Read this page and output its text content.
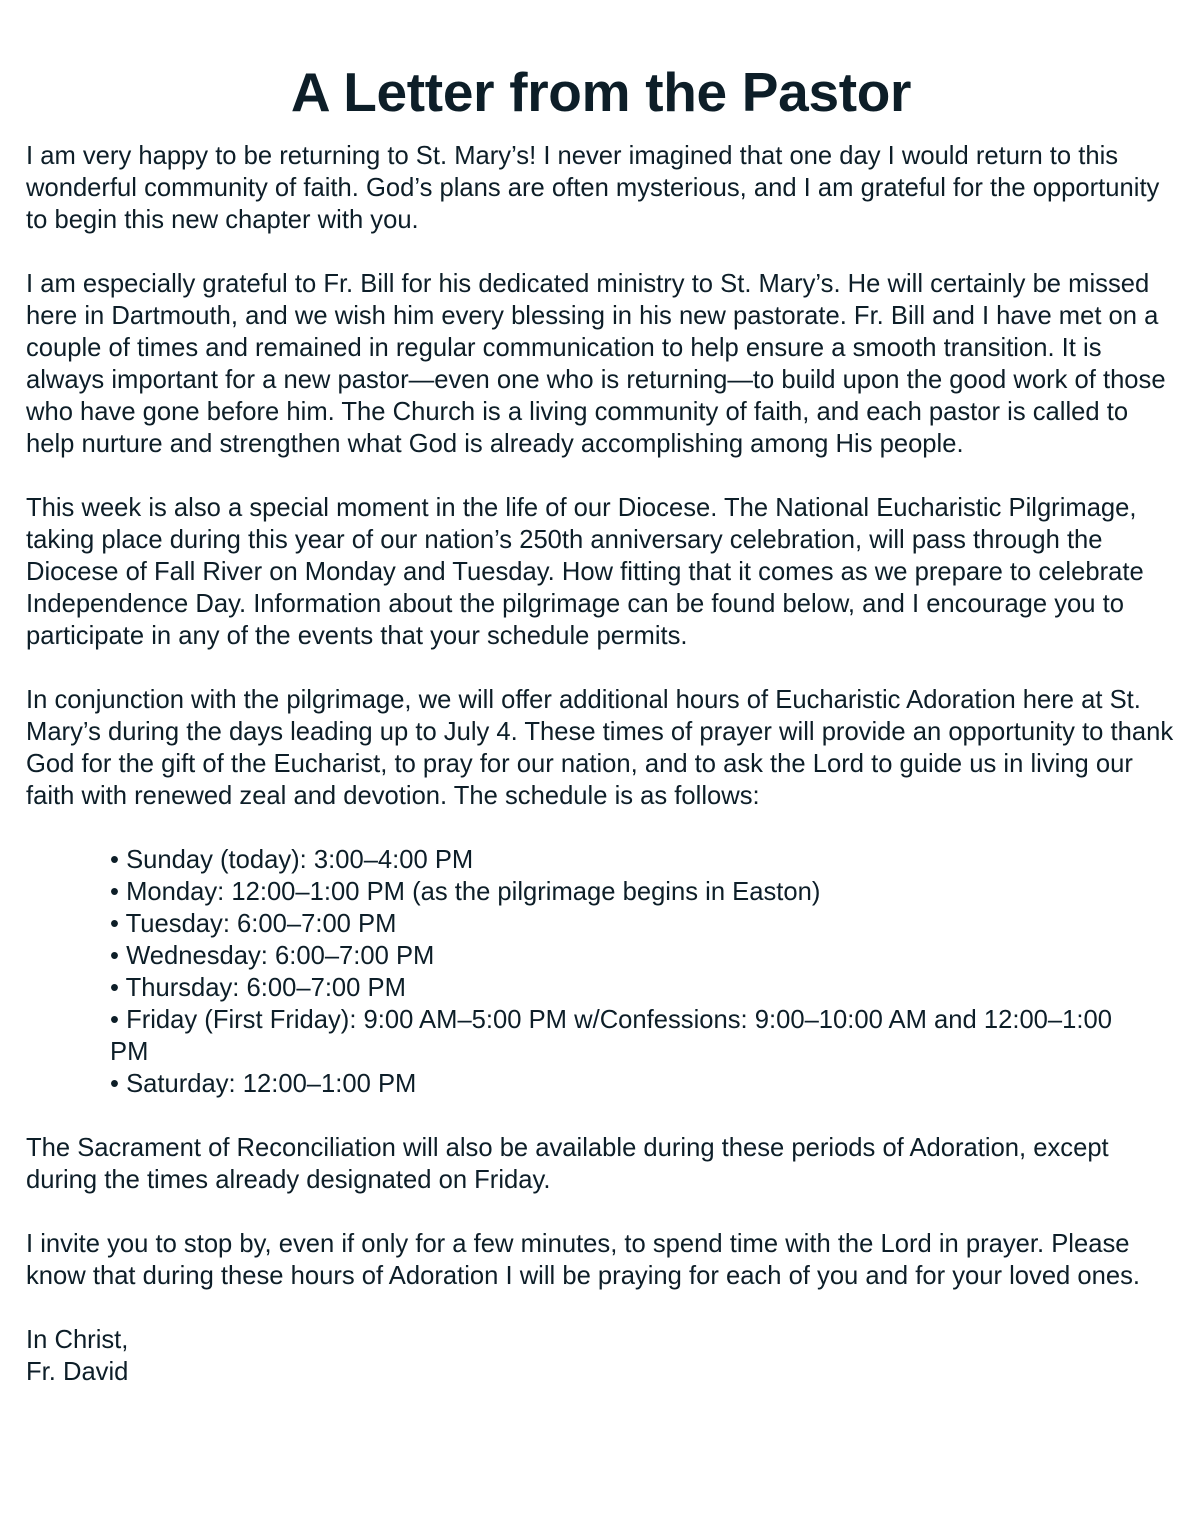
A Letter from the Pastor

I am very happy to be returning to St. Mary’s! I never imagined that one day I would return to this wonderful community of faith. God’s plans are often mysterious, and I am grateful for the opportunity to begin this new chapter with you.

I am especially grateful to Fr. Bill for his dedicated ministry to St. Mary’s. He will certainly be missed here in Dartmouth, and we wish him every blessing in his new pastorate. Fr. Bill and I have met on a couple of times and remained in regular communication to help ensure a smooth transition. It is always important for a new pastor—even one who is returning—to build upon the good work of those who have gone before him. The Church is a living community of faith, and each pastor is called to help nurture and strengthen what God is already accomplishing among His people.

This week is also a special moment in the life of our Diocese. The National Eucharistic Pilgrimage, taking place during this year of our nation’s 250th anniversary celebration, will pass through the Diocese of Fall River on Monday and Tuesday. How fitting that it comes as we prepare to celebrate Independence Day. Information about the pilgrimage can be found below, and I encourage you to participate in any of the events that your schedule permits.

In conjunction with the pilgrimage, we will offer additional hours of Eucharistic Adoration here at St. Mary’s during the days leading up to July 4. These times of prayer will provide an opportunity to thank God for the gift of the Eucharist, to pray for our nation, and to ask the Lord to guide us in living our faith with renewed zeal and devotion. The schedule is as follows:

• Sunday (today): 3:00–4:00 PM
• Monday: 12:00–1:00 PM (as the pilgrimage begins in Easton)
• Tuesday: 6:00–7:00 PM
• Wednesday: 6:00–7:00 PM
• Thursday: 6:00–7:00 PM
• Friday (First Friday): 9:00 AM–5:00 PM w/Confessions: 9:00–10:00 AM and 12:00–1:00 PM
• Saturday: 12:00–1:00 PM

The Sacrament of Reconciliation will also be available during these periods of Adoration, except during the times already designated on Friday.

I invite you to stop by, even if only for a few minutes, to spend time with the Lord in prayer. Please know that during these hours of Adoration I will be praying for each of you and for your loved ones.

In Christ,

Fr. David
